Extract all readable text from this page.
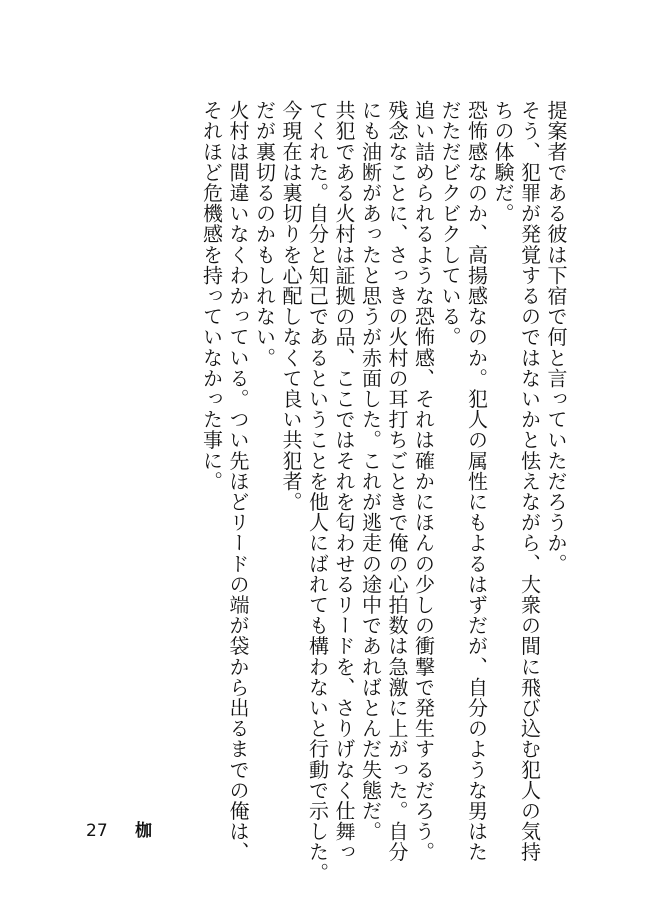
提案者である彼は下宿で何と言っていただろうか。
そう、犯罪が発覚するのではないかと怯えながら、大衆の間に飛び込む犯人の気持
ちの体験だ。
恐怖感なのか、高揚感なのか。犯人の属性にもよるはずだが、自分のような男はた
だただビクビクしている。
追い詰められるような恐怖感、それは確かにほんの少しの衝撃で発生するだろう。
残念なことに、さっきの火村の耳打ちごときで俺の心拍数は急激に上がった。自分
にも油断があったと思うが赤面した。これが逃走の途中であればとんだ失態だ。
共犯である火村は証拠の品、ここではそれを匂わせるリードを、さりげなく仕舞っ
てくれた。自分と知己であるということを他人にばれても構わないと行動で示した。
今現在は裏切りを心配しなくて良い共犯者。
だが裏切るのかもしれない。
火村は間違いなくわかっている。つい先ほどリードの端が袋から出るまでの俺は、
それほど危機感を持っていなかった事に。
27 枷
